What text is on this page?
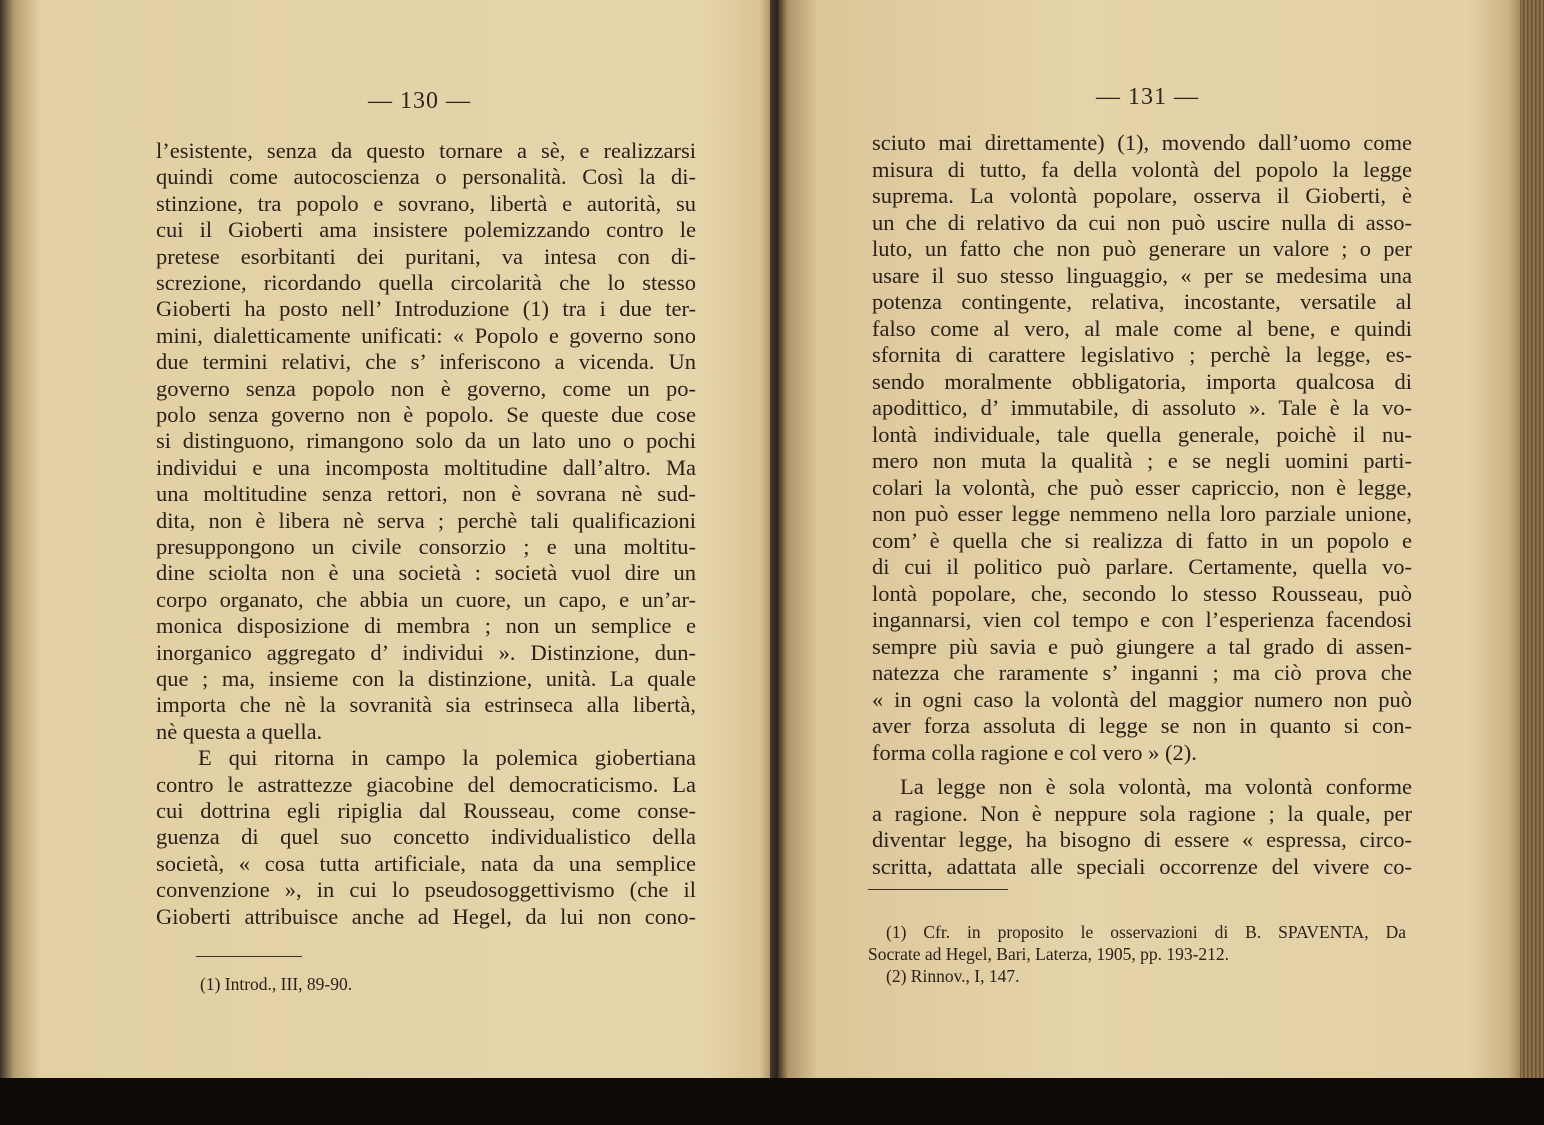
— 130 —
l’esistente, senza da questo tornare a sè, e realizzarsi
quindi come autocoscienza o personalità. Così la di-
stinzione, tra popolo e sovrano, libertà e autorità, su
cui il Gioberti ama insistere polemizzando contro le
pretese esorbitanti dei puritani, va intesa con di-
screzione, ricordando quella circolarità che lo stesso
Gioberti ha posto nell’ Introduzione (1) tra i due ter-
mini, dialetticamente unificati: « Popolo e governo sono
due termini relativi, che s’ inferiscono a vicenda. Un
governo senza popolo non è governo, come un po-
polo senza governo non è popolo. Se queste due cose
si distinguono, rimangono solo da un lato uno o pochi
individui e una incomposta moltitudine dall’altro. Ma
una moltitudine senza rettori, non è sovrana nè sud-
dita, non è libera nè serva ; perchè tali qualificazioni
presuppongono un civile consorzio ; e una moltitu-
dine sciolta non è una società : società vuol dire un
corpo organato, che abbia un cuore, un capo, e un’ar-
monica disposizione di membra ; non un semplice e
inorganico aggregato d’ individui ». Distinzione, dun-
que ; ma, insieme con la distinzione, unità. La quale
importa che nè la sovranità sia estrinseca alla libertà,
nè questa a quella.
E qui ritorna in campo la polemica giobertiana
contro le astrattezze giacobine del democraticismo. La
cui dottrina egli ripiglia dal Rousseau, come conse-
guenza di quel suo concetto individualistico della
società, « cosa tutta artificiale, nata da una semplice
convenzione », in cui lo pseudosoggettivismo (che il
Gioberti attribuisce anche ad Hegel, da lui non cono-
(1) Introd., III, 89-90.
— 131 —
sciuto mai direttamente) (1), movendo dall’uomo come
misura di tutto, fa della volontà del popolo la legge
suprema. La volontà popolare, osserva il Gioberti, è
un che di relativo da cui non può uscire nulla di asso-
luto, un fatto che non può generare un valore ; o per
usare il suo stesso linguaggio, « per se medesima una
potenza contingente, relativa, incostante, versatile al
falso come al vero, al male come al bene, e quindi
sfornita di carattere legislativo ; perchè la legge, es-
sendo moralmente obbligatoria, importa qualcosa di
apodittico, d’ immutabile, di assoluto ». Tale è la vo-
lontà individuale, tale quella generale, poichè il nu-
mero non muta la qualità ; e se negli uomini parti-
colari la volontà, che può esser capriccio, non è legge,
non può esser legge nemmeno nella loro parziale unione,
com’ è quella che si realizza di fatto in un popolo e
di cui il politico può parlare. Certamente, quella vo-
lontà popolare, che, secondo lo stesso Rousseau, può
ingannarsi, vien col tempo e con l’esperienza facendosi
sempre più savia e può giungere a tal grado di assen-
natezza che raramente s’ inganni ; ma ciò prova che
« in ogni caso la volontà del maggior numero non può
aver forza assoluta di legge se non in quanto si con-
forma colla ragione e col vero » (2).
La legge non è sola volontà, ma volontà conforme
a ragione. Non è neppure sola ragione ; la quale, per
diventar legge, ha bisogno di essere « espressa, circo-
scritta, adattata alle speciali occorrenze del vivere co-
(1) Cfr. in proposito le osservazioni di B. SPAVENTA, Da
Socrate ad Hegel, Bari, Laterza, 1905, pp. 193-212.
(2) Rinnov., I, 147.
